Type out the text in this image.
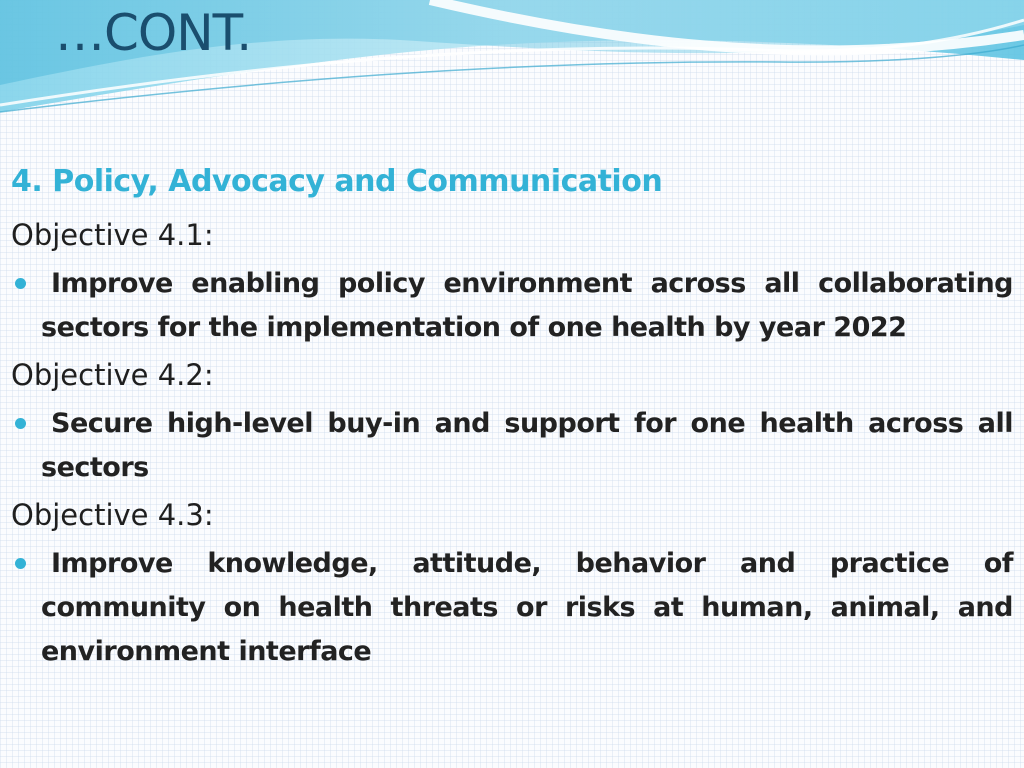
…CONT.
4. Policy, Advocacy and Communication
Objective 4.1:
Improve enabling policy environment across all collaborating sectors for the implementation of one health by year 2022
Objective 4.2:
Secure high-level buy-in and support for one health across all sectors
Objective 4.3:
Improve knowledge, attitude, behavior and practice of community on health threats or risks at human, animal, and environment interface
